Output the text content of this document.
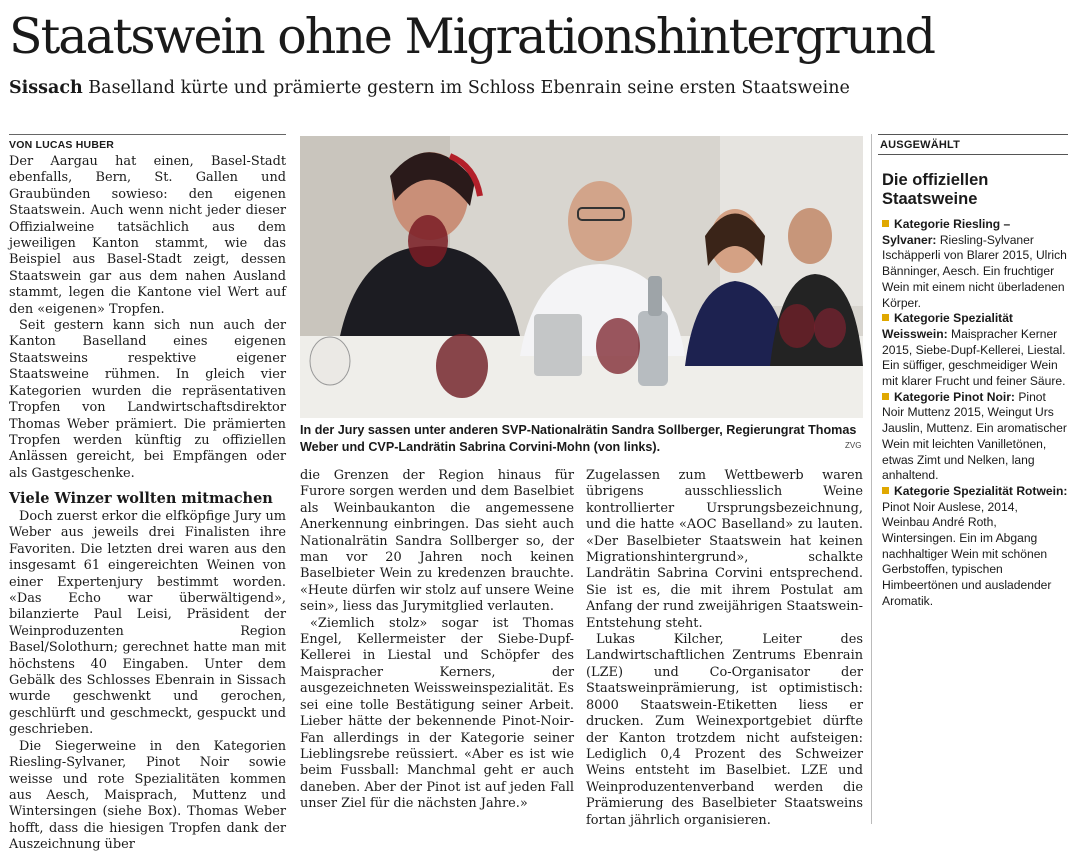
Staatswein ohne Migrationshintergrund

Sissach Baselland kürte und prämierte gestern im Schloss Ebenrain seine ersten Staatsweine

VON LUCAS HUBER

Der Aargau hat einen, Basel-Stadt ebenfalls, Bern, St. Gallen und Graubünden sowieso: den eigenen Staatswein. Auch wenn nicht jeder dieser Offizialweine tatsächlich aus dem jeweiligen Kanton stammt, wie das Beispiel aus Basel-Stadt zeigt, dessen Staatswein gar aus dem nahen Ausland stammt, legen die Kantone viel Wert auf den «eigenen» Tropfen.

Seit gestern kann sich nun auch der Kanton Baselland eines eigenen Staatsweins respektive eigener Staatsweine rühmen. In gleich vier Kategorien wurden die repräsentativen Tropfen von Landwirtschaftsdirektor Thomas Weber prämiert. Die prämierten Tropfen werden künftig zu offiziellen Anlässen gereicht, bei Empfängen oder als Gastgeschenke.

Viele Winzer wollten mitmachen

Doch zuerst erkor die elfköpfige Jury um Weber aus jeweils drei Finalisten ihre Favoriten. Die letzten drei waren aus den insgesamt 61 eingereichten Weinen von einer Expertenjury bestimmt worden. «Das Echo war überwältigend», bilanzierte Paul Leisi, Präsident der Weinproduzenten Region Basel/Solothurn; gerechnet hatte man mit höchstens 40 Eingaben. Unter dem Gebälk des Schlosses Ebenrain in Sissach wurde geschwenkt und gerochen, geschlürft und geschmeckt, gespuckt und geschrieben.

Die Siegerweine in den Kategorien Riesling-Sylvaner, Pinot Noir sowie weisse und rote Spezialitäten kommen aus Aesch, Maisprach, Muttenz und Wintersingen (siehe Box). Thomas Weber hofft, dass die hiesigen Tropfen dank der Auszeichnung über

In der Jury sassen unter anderen SVP-Nationalrätin Sandra Sollberger, Regierungrat Thomas Weber und CVP-Landrätin Sabrina Corvini-Mohn (von links).	ZVG

die Grenzen der Region hinaus für Furore sorgen werden und dem Baselbiet als Weinbaukanton die angemessene Anerkennung einbringen. Das sieht auch Nationalrätin Sandra Sollberger so, der man vor 20 Jahren noch keinen Baselbieter Wein zu kredenzen brauchte. «Heute dürfen wir stolz auf unsere Weine sein», liess das Jurymitglied verlauten.

«Ziemlich stolz» sogar ist Thomas Engel, Kellermeister der Siebe-Dupf-Kellerei in Liestal und Schöpfer des Maispracher Kerners, der ausgezeichneten Weissweinspezialität. Es sei eine tolle Bestätigung seiner Arbeit. Lieber hätte der bekennende Pinot-Noir-Fan allerdings in der Kategorie seiner Lieblingsrebe reüssiert. «Aber es ist wie beim Fussball: Manchmal geht er auch daneben. Aber der Pinot ist auf jeden Fall unser Ziel für die nächsten Jahre.»

Zugelassen zum Wettbewerb waren übrigens ausschliesslich Weine kontrollierter Ursprungsbezeichnung, und die hatte «AOC Baselland» zu lauten. «Der Baselbieter Staatswein hat keinen Migrationshintergrund», schalkte Landrätin Sabrina Corvini entsprechend. Sie ist es, die mit ihrem Postulat am Anfang der rund zweijährigen Staatswein-Entstehung steht.

Lukas Kilcher, Leiter des Landwirtschaftlichen Zentrums Ebenrain (LZE) und Co-Organisator der Staatsweinprämierung, ist optimistisch: 8000 Staatswein-Etiketten liess er drucken. Zum Weinexportgebiet dürfte der Kanton trotzdem nicht aufsteigen: Lediglich 0,4 Prozent des Schweizer Weins entsteht im Baselbiet. LZE und Weinproduzentenverband werden die Prämierung des Baselbieter Staatsweins fortan jährlich organisieren.

AUSGEWÄHLT
Die offiziellen Staatsweine

Kategorie Riesling – Sylvaner: Riesling-Sylvaner Ischäpperli von Blarer 2015, Ulrich Bänninger, Aesch. Ein fruchtiger Wein mit einem nicht überladenen Körper.

Kategorie Spezialität Weisswein: Maispracher Kerner 2015, Siebe-Dupf-Kellerei, Liestal. Ein süffiger, geschmeidiger Wein mit klarer Frucht und feiner Säure.

Kategorie Pinot Noir: Pinot Noir Muttenz 2015, Weingut Urs Jauslin, Muttenz. Ein aromatischer Wein mit leichten Vanilletönen, etwas Zimt und Nelken, lang anhaltend.

Kategorie Spezialität Rotwein: Pinot Noir Auslese, 2014, Weinbau André Roth, Wintersingen. Ein im Abgang nachhaltiger Wein mit schönen Gerbstoffen, typischen Himbeertönen und ausladender Aromatik.
